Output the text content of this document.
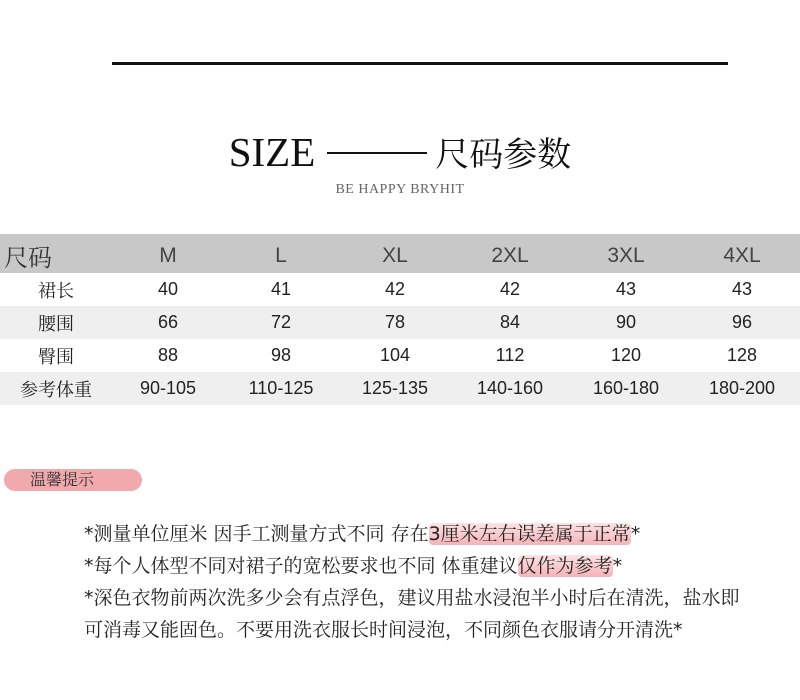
SIZE	尺码参数
BE HAPPY BRYHIT
尺码	M	L	XL	2XL	3XL	4XL
裙长	40	41	42	42	43	43
腰围	66	72	78	84	90	96
臀围	88	98	104	112	120	128
参考体重	90-105	110-125	125-135	140-160	160-180	180-200
温馨提示
*测量单位厘米 因手工测量方式不同 存在3厘米左右误差属于正常*
*每个人体型不同对裙子的宽松要求也不同 体重建议仅作为参考*
*深色衣物前两次洗多少会有点浮色，建议用盐水浸泡半小时后在清洗，盐水即可消毒又能固色。不要用洗衣服长时间浸泡，不同颜色衣服请分开清洗*
